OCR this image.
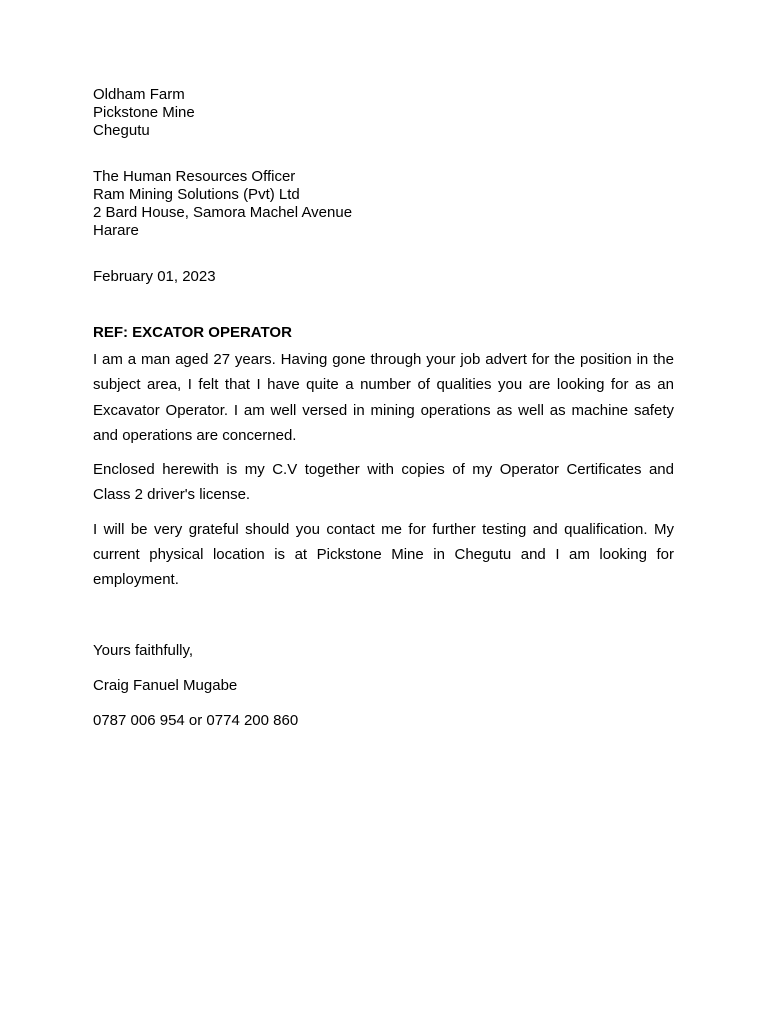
Oldham Farm
Pickstone Mine
Chegutu
The Human Resources Officer
Ram Mining Solutions (Pvt) Ltd
2 Bard House, Samora Machel Avenue
Harare
February 01, 2023
REF: EXCATOR OPERATOR

I am a man aged 27 years. Having gone through your job advert for the position in the subject area, I felt that I have quite a number of qualities you are looking for as an Excavator Operator. I am well versed in mining operations as well as machine safety and operations are concerned.

Enclosed herewith is my C.V together with copies of my Operator Certificates and Class 2 driver's license.

I will be very grateful should you contact me for further testing and qualification. My current physical location is at Pickstone Mine in Chegutu and I am looking for employment.

Yours faithfully,
Craig Fanuel Mugabe
0787 006 954 or 0774 200 860
